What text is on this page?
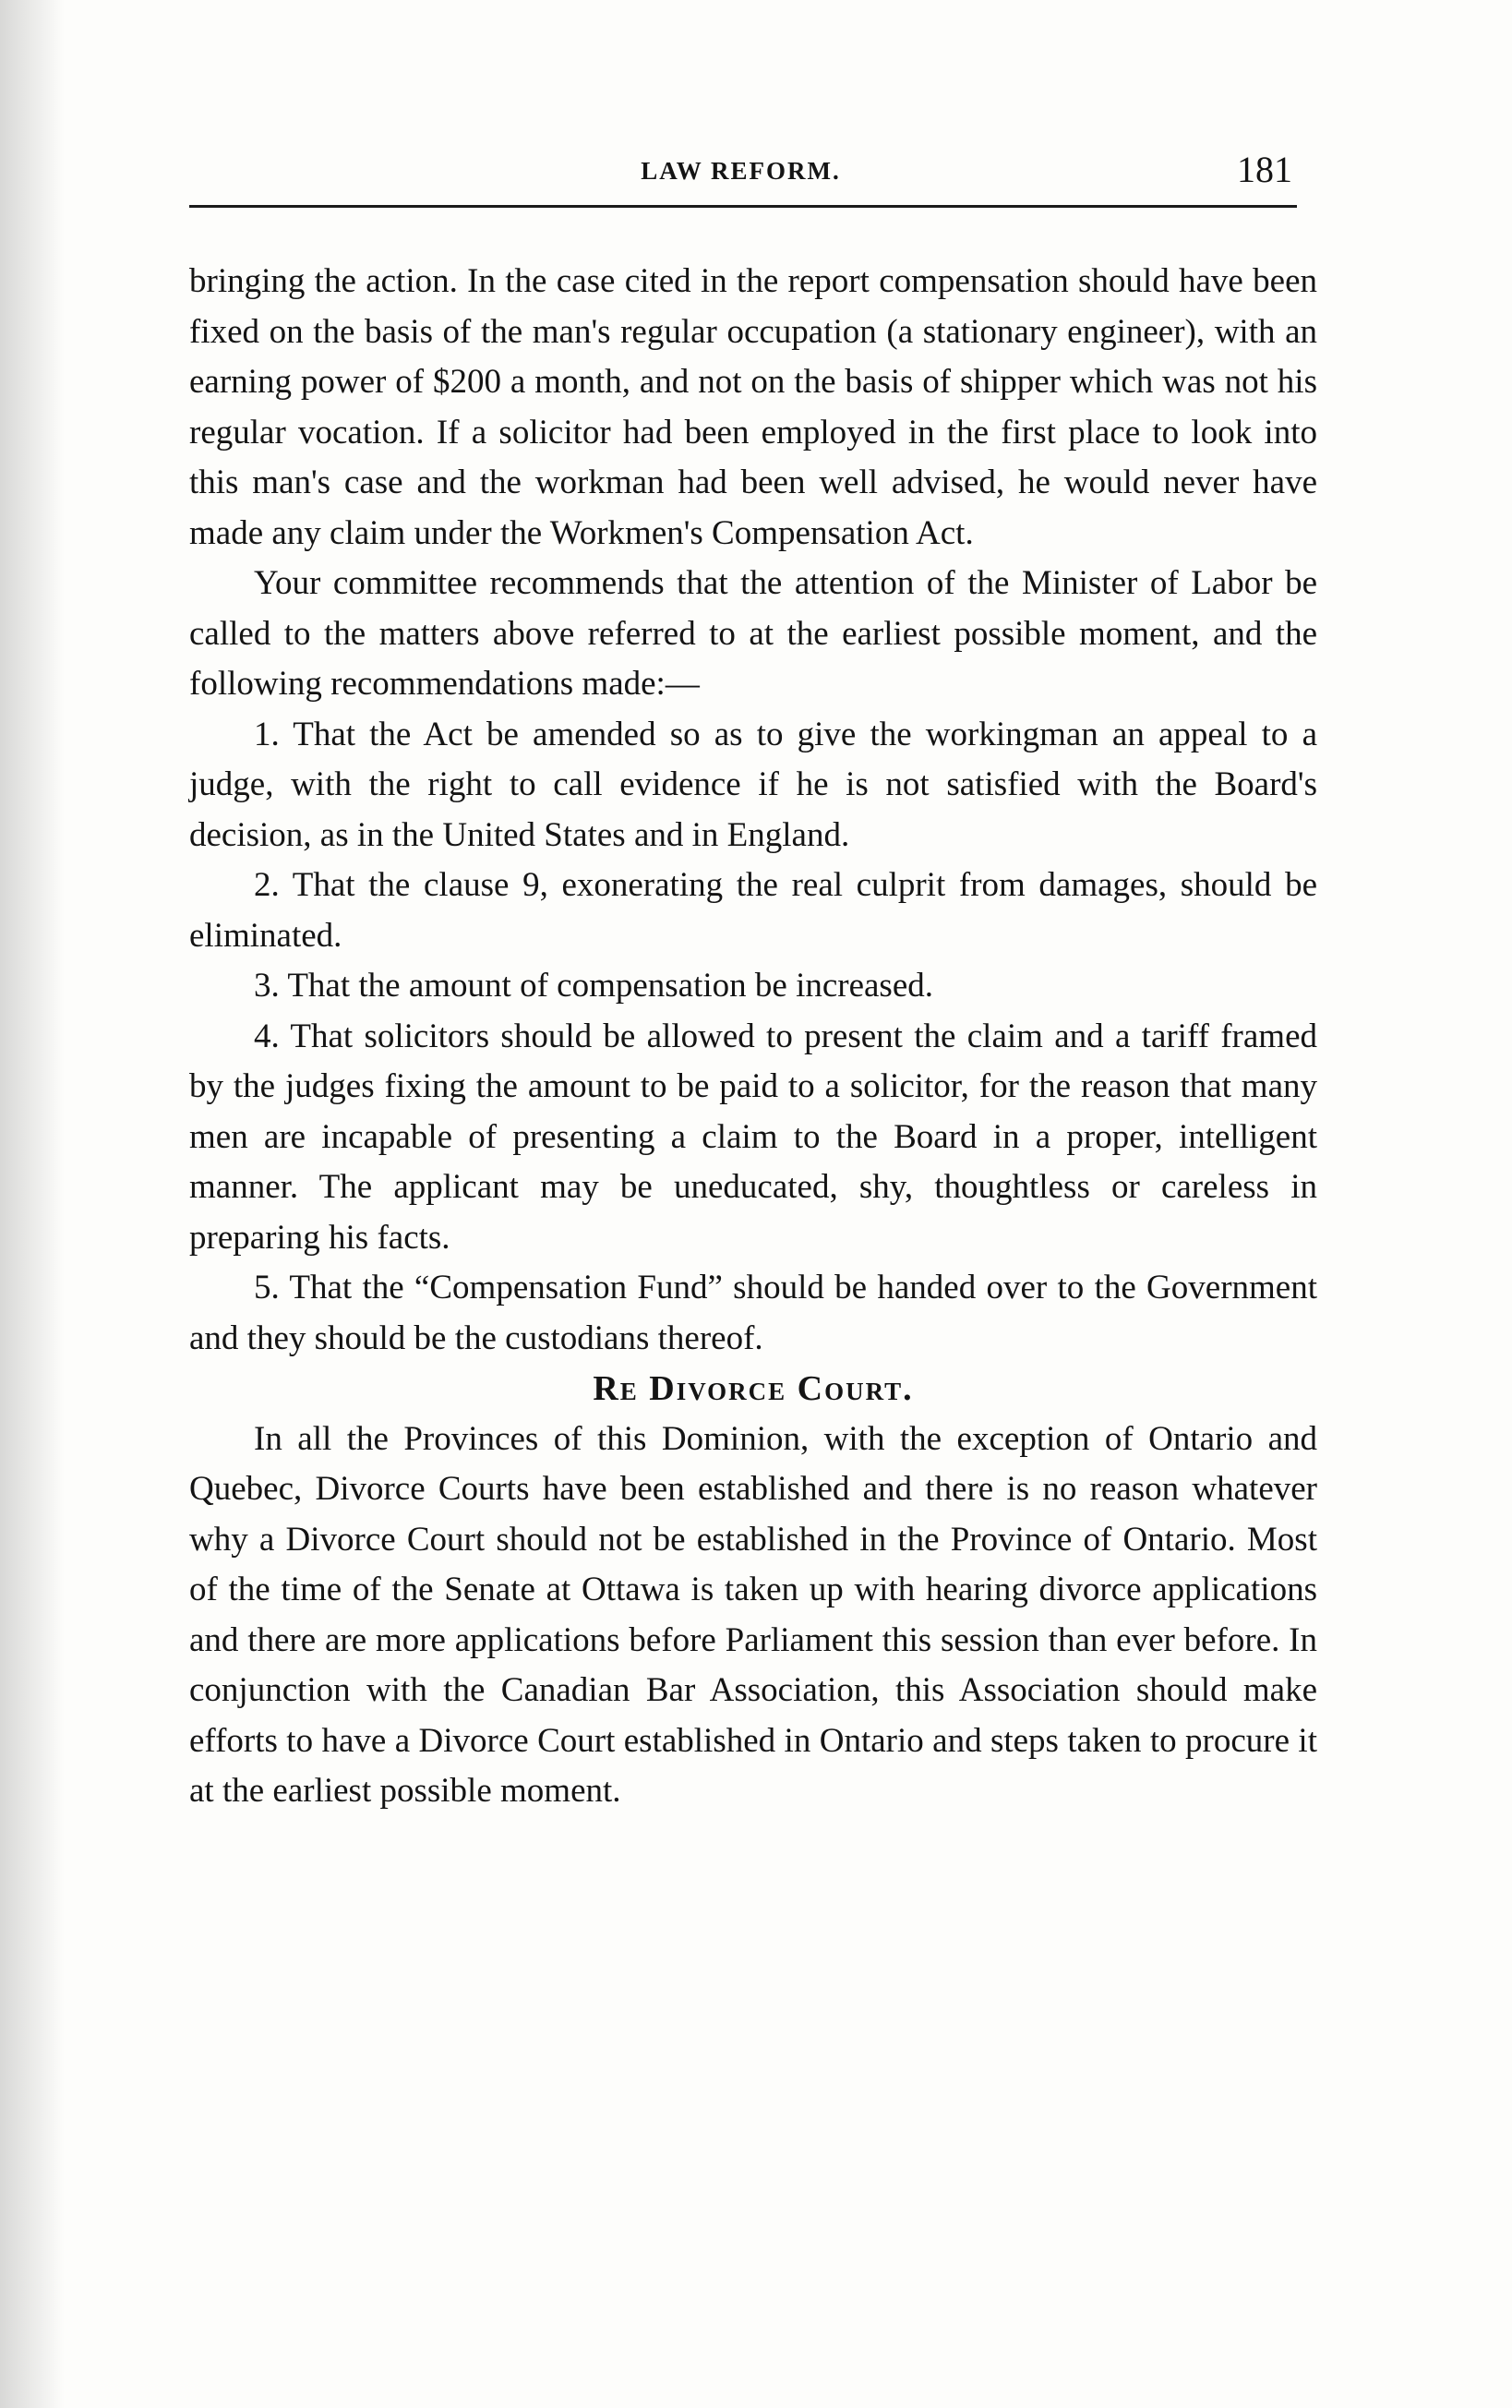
LAW REFORM.	181

bringing the action. In the case cited in the report compensation should have been fixed on the basis of the man's regular occupation (a stationary engineer), with an earning power of $200 a month, and not on the basis of shipper which was not his regular vocation. If a solicitor had been employed in the first place to look into this man's case and the workman had been well advised, he would never have made any claim under the Workmen's Compensation Act.

Your committee recommends that the attention of the Minister of Labor be called to the matters above referred to at the earliest possible moment, and the following recommendations made:—

1. That the Act be amended so as to give the workingman an appeal to a judge, with the right to call evidence if he is not satisfied with the Board's decision, as in the United States and in England.

2. That the clause 9, exonerating the real culprit from damages, should be eliminated.

3. That the amount of compensation be increased.

4. That solicitors should be allowed to present the claim and a tariff framed by the judges fixing the amount to be paid to a solicitor, for the reason that many men are incapable of presenting a claim to the Board in a proper, intelligent manner. The applicant may be uneducated, shy, thoughtless or careless in preparing his facts.

5. That the “Compensation Fund” should be handed over to the Government and they should be the custodians thereof.

Re Divorce Court.

In all the Provinces of this Dominion, with the exception of Ontario and Quebec, Divorce Courts have been established and there is no reason whatever why a Divorce Court should not be established in the Province of Ontario. Most of the time of the Senate at Ottawa is taken up with hearing divorce applications and there are more applications before Parliament this session than ever before. In conjunction with the Canadian Bar Association, this Association should make efforts to have a Divorce Court established in Ontario and steps taken to procure it at the earliest possible moment.
